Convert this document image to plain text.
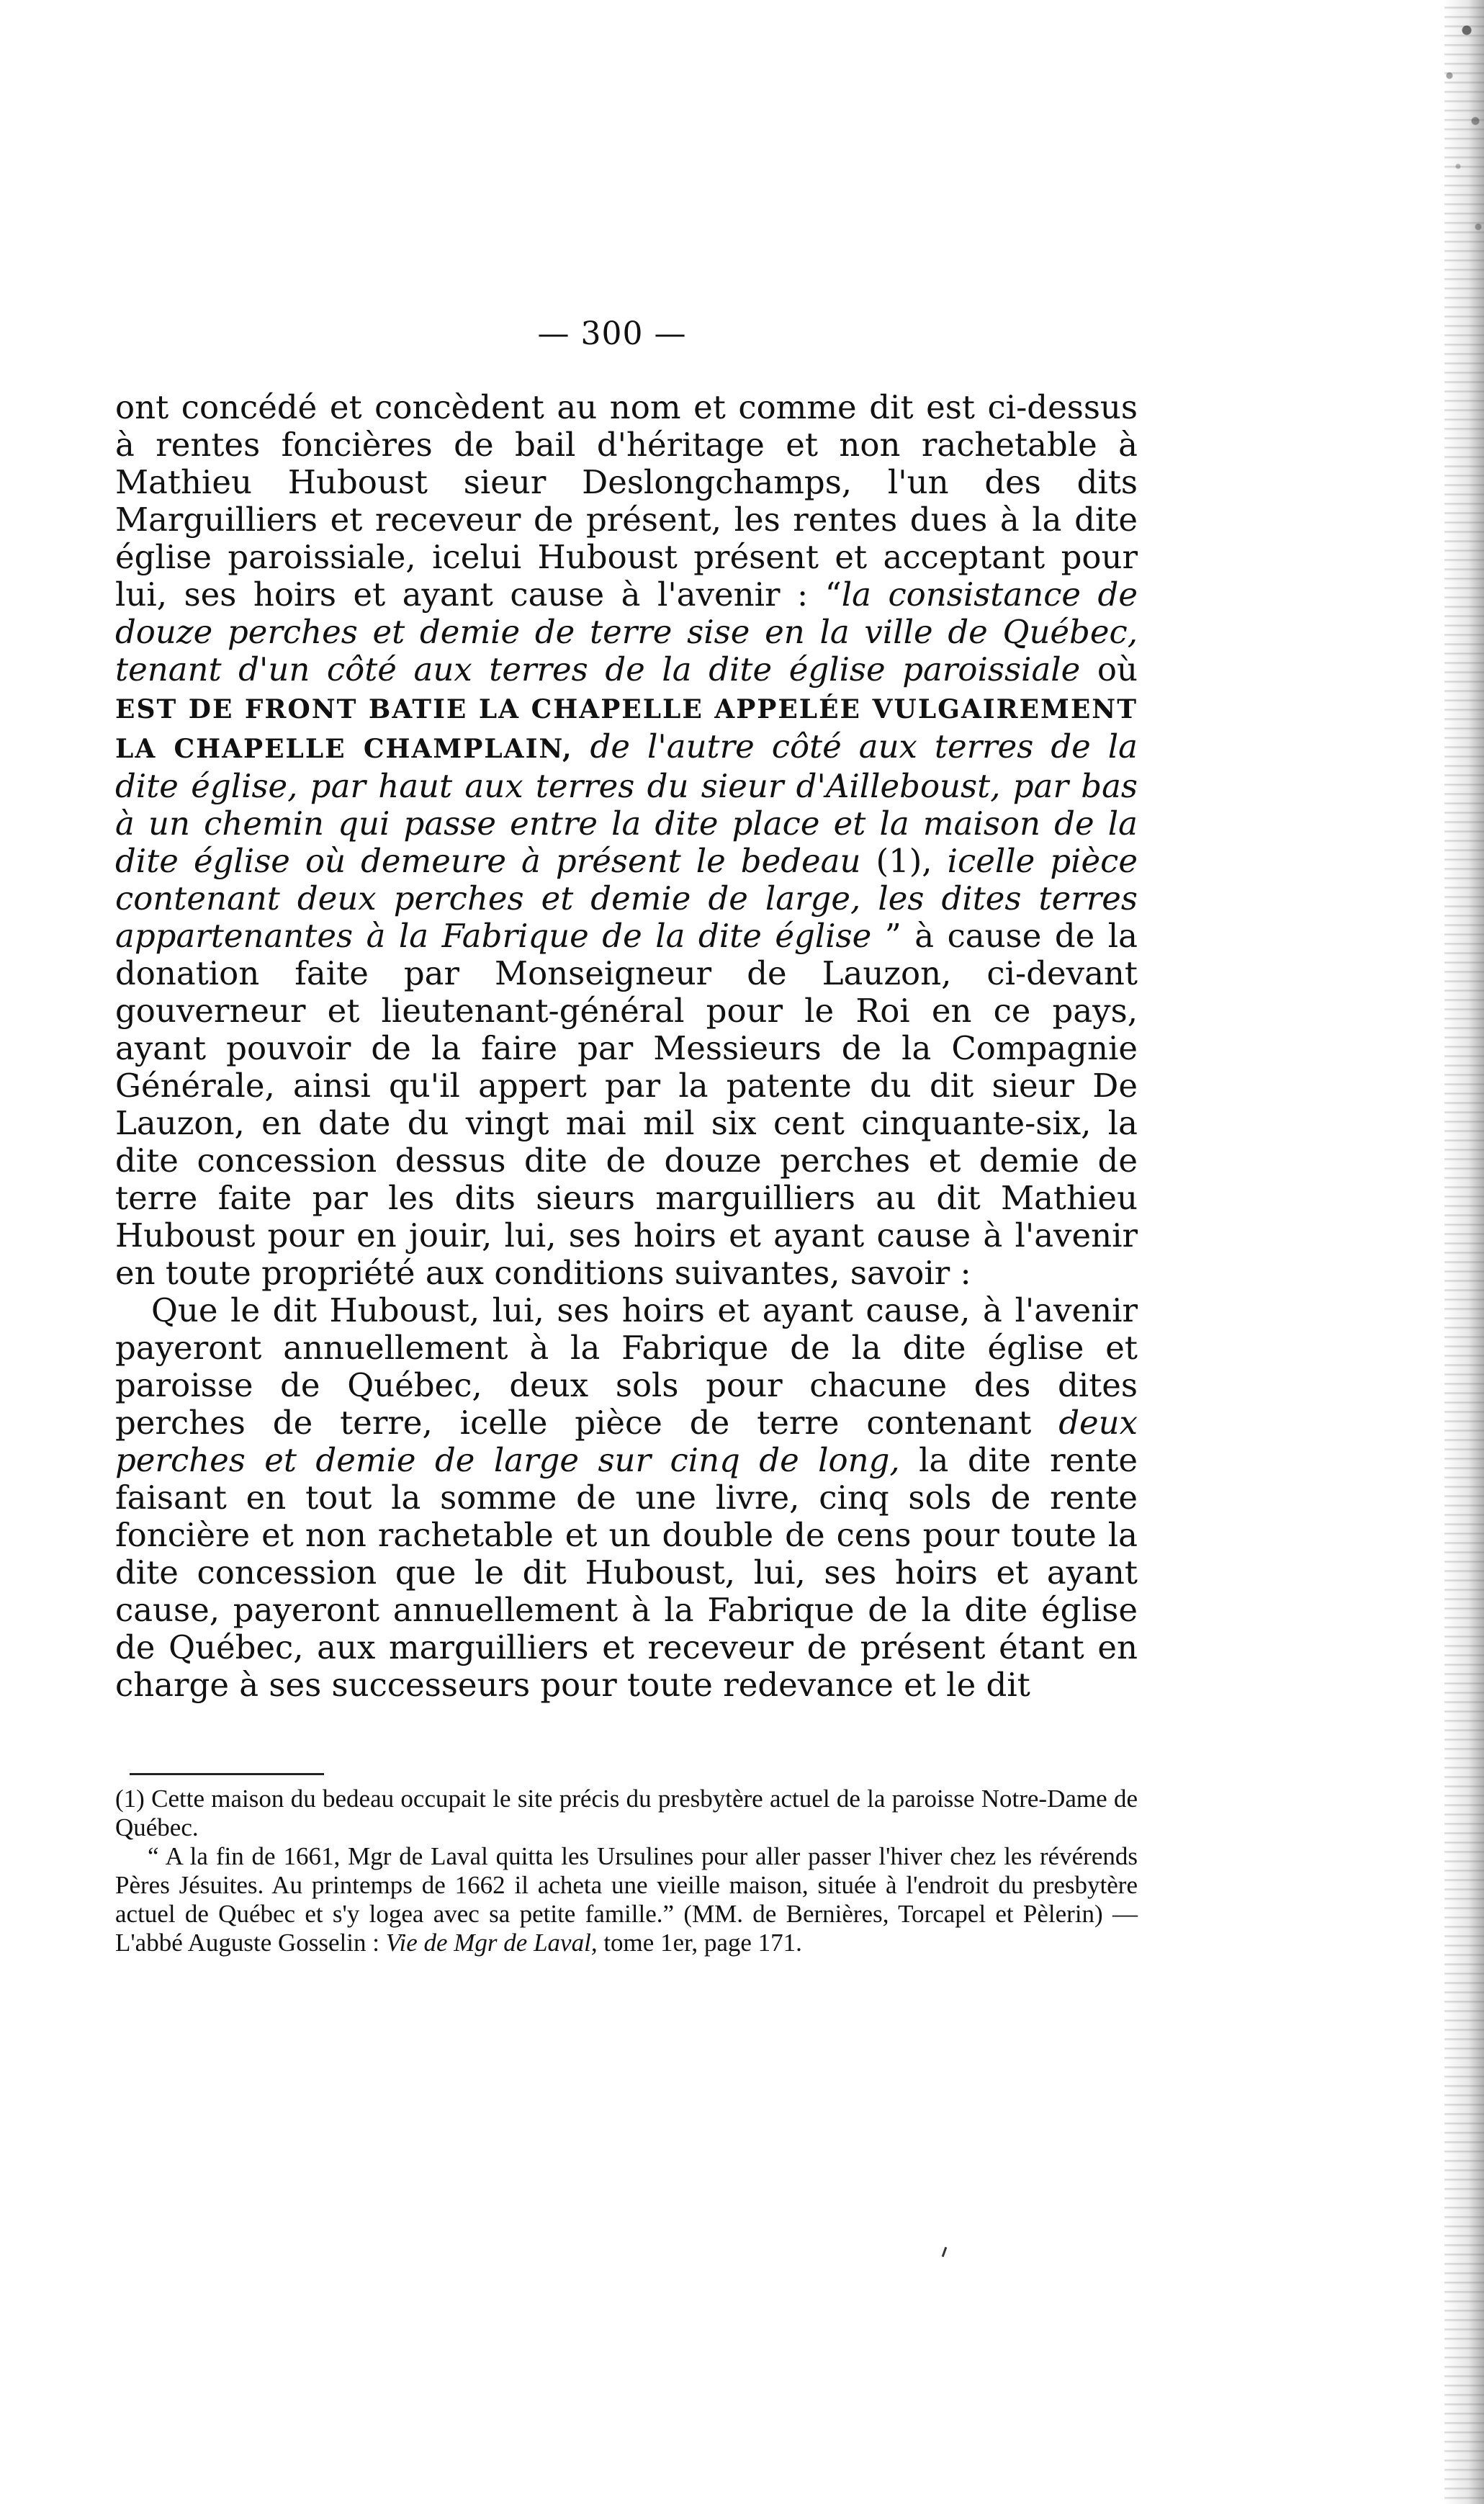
— 300 —

ont concédé et concèdent au nom et comme dit est ci-dessus à rentes foncières de bail d'héritage et non rachetable à Mathieu Huboust sieur Deslongchamps, l'un des dits Marguilliers et receveur de présent, les rentes dues à la dite église paroissiale, icelui Huboust présent et acceptant pour lui, ses hoirs et ayant cause à l'avenir : “la consistance de douze perches et demie de terre sise en la ville de Québec, tenant d'un côté aux terres de la dite église paroissiale où EST DE FRONT BATIE LA CHAPELLE APPELÉE VULGAIREMENT LA CHAPELLE CHAMPLAIN, de l'autre côté aux terres de la dite église, par haut aux terres du sieur d'Ailleboust, par bas à un chemin qui passe entre la dite place et la maison de la dite église où demeure à présent le bedeau (1), icelle pièce contenant deux perches et demie de large, les dites terres appartenantes à la Fabrique de la dite église ” à cause de la donation faite par Monseigneur de Lauzon, ci-devant gouverneur et lieutenant-général pour le Roi en ce pays, ayant pouvoir de la faire par Messieurs de la Compagnie Générale, ainsi qu'il appert par la patente du dit sieur De Lauzon, en date du vingt mai mil six cent cinquante-six, la dite concession dessus dite de douze perches et demie de terre faite par les dits sieurs marguilliers au dit Mathieu Huboust pour en jouir, lui, ses hoirs et ayant cause à l'avenir en toute propriété aux conditions suivantes, savoir :

Que le dit Huboust, lui, ses hoirs et ayant cause, à l'avenir payeront annuellement à la Fabrique de la dite église et paroisse de Québec, deux sols pour chacune des dites perches de terre, icelle pièce de terre contenant deux perches et demie de large sur cinq de long, la dite rente faisant en tout la somme de une livre, cinq sols de rente foncière et non rachetable et un double de cens pour toute la dite concession que le dit Huboust, lui, ses hoirs et ayant cause, payeront annuellement à la Fabrique de la dite église de Québec, aux marguilliers et receveur de présent étant en charge à ses successeurs pour toute redevance et le dit

(1) Cette maison du bedeau occupait le site précis du presbytère actuel de la paroisse Notre-Dame de Québec.

“ A la fin de 1661, Mgr de Laval quitta les Ursulines pour aller passer l'hiver chez les révérends Pères Jésuites. Au printemps de 1662 il acheta une vieille maison, située à l'endroit du presbytère actuel de Québec et s'y logea avec sa petite famille.” (MM. de Bernières, Torcapel et Pèlerin) —L'abbé Auguste Gosselin : Vie de Mgr de Laval, tome 1er, page 171.
